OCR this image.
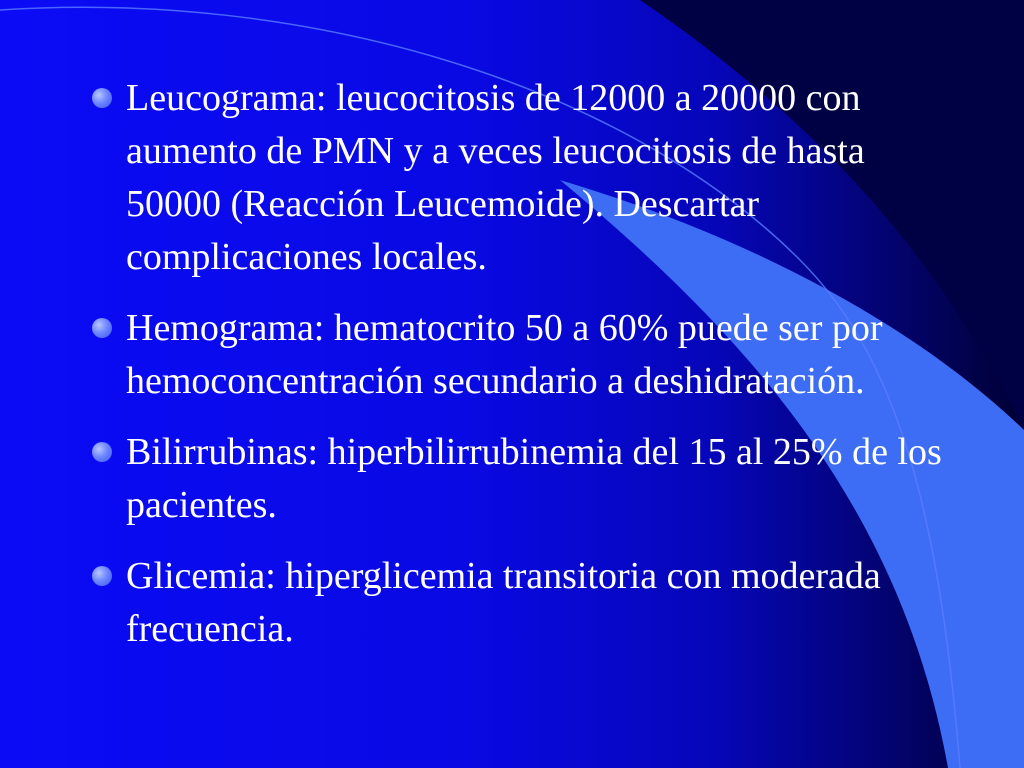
Leucograma: leucocitosis de 12000 a 20000 con aumento de PMN y a veces leucocitosis de hasta 50000 (Reacción Leucemoide). Descartar complicaciones locales.
Hemograma: hematocrito 50 a 60% puede ser por hemoconcentración secundario a deshidratación.
Bilirrubinas: hiperbilirrubinemia del 15 al 25% de los pacientes.
Glicemia: hiperglicemia transitoria con moderada frecuencia.
